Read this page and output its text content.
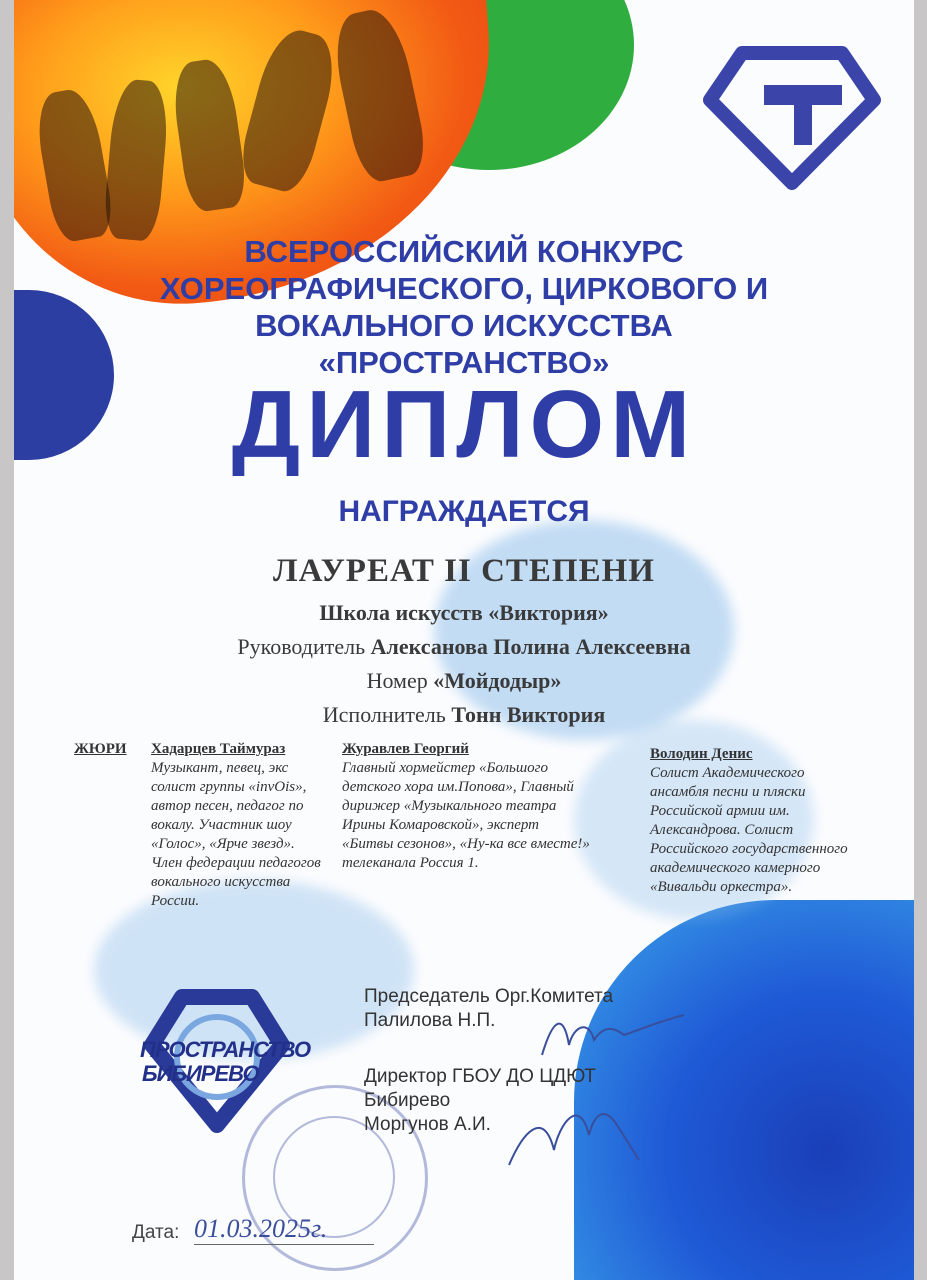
ВСЕРОССИЙСКИЙ КОНКУРС
ХОРЕОГРАФИЧЕСКОГО, ЦИРКОВОГО И
ВОКАЛЬНОГО ИСКУССТВА
«ПРОСТРАНСТВО»
ДИПЛОМ
НАГРАЖДАЕТСЯ
ЛАУРЕАТ II СТЕПЕНИ
Школа искусств «Виктория»
Руководитель Алексанова Полина Алексеевна
Номер «Мойдодыр»
Исполнитель Тонн Виктория
ЖЮРИ Хадарцев Таймураз
Музыкант, певец, экс солист группы «invOis», автор песен, педагог по вокалу. Участник шоу «Голос», «Ярче звезд». Член федерации педагогов вокального искусства России.
Журавлев Георгий
Главный хормейстер «Большого детского хора им.Попова», Главный дирижер «Музыкального театра Ирины Комаровской», эксперт «Битвы сезонов», «Ну-ка все вместе!» телеканала Россия 1.
Володин Денис
Солист Академического ансамбля песни и пляски Российской армии им. Александрова. Солист Российского государственного академического камерного «Вивальди оркестра».
ПРОСТРАНСТВО
БИБИРЕВО
Председатель Орг.Комитета
Палилова Н.П.
Директор ГБОУ ДО ЦДЮТ
Бибирево
Моргунов А.И.
Дата: 01.03.2025г.
